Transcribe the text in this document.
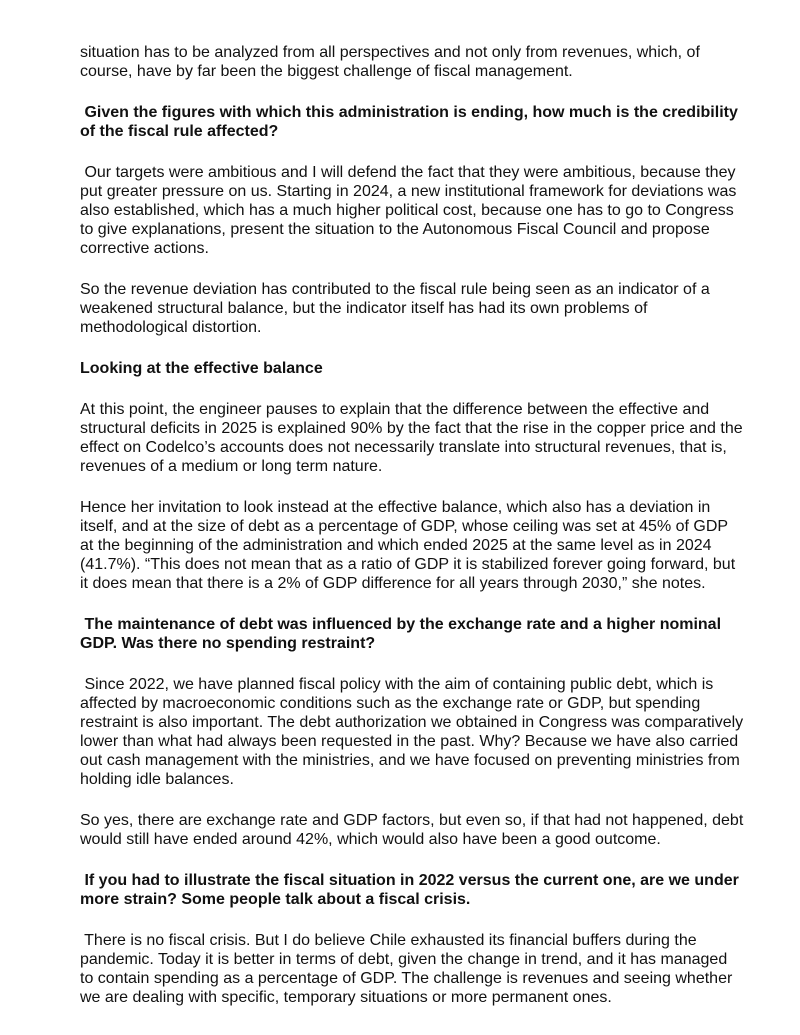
situation has to be analyzed from all perspectives and not only from revenues, which, of
course, have by far been the biggest challenge of fiscal management.

Given the figures with which this administration is ending, how much is the credibility
of the fiscal rule affected?

Our targets were ambitious and I will defend the fact that they were ambitious, because they
put greater pressure on us. Starting in 2024, a new institutional framework for deviations was
also established, which has a much higher political cost, because one has to go to Congress
to give explanations, present the situation to the Autonomous Fiscal Council and propose
corrective actions.

So the revenue deviation has contributed to the fiscal rule being seen as an indicator of a
weakened structural balance, but the indicator itself has had its own problems of
methodological distortion.

Looking at the effective balance

At this point, the engineer pauses to explain that the difference between the effective and
structural deficits in 2025 is explained 90% by the fact that the rise in the copper price and the
effect on Codelco’s accounts does not necessarily translate into structural revenues, that is,
revenues of a medium or long term nature.

Hence her invitation to look instead at the effective balance, which also has a deviation in
itself, and at the size of debt as a percentage of GDP, whose ceiling was set at 45% of GDP
at the beginning of the administration and which ended 2025 at the same level as in 2024
(41.7%). “This does not mean that as a ratio of GDP it is stabilized forever going forward, but
it does mean that there is a 2% of GDP difference for all years through 2030,” she notes.

The maintenance of debt was influenced by the exchange rate and a higher nominal
GDP. Was there no spending restraint?

Since 2022, we have planned fiscal policy with the aim of containing public debt, which is
affected by macroeconomic conditions such as the exchange rate or GDP, but spending
restraint is also important. The debt authorization we obtained in Congress was comparatively
lower than what had always been requested in the past. Why? Because we have also carried
out cash management with the ministries, and we have focused on preventing ministries from
holding idle balances.

So yes, there are exchange rate and GDP factors, but even so, if that had not happened, debt
would still have ended around 42%, which would also have been a good outcome.

If you had to illustrate the fiscal situation in 2022 versus the current one, are we under
more strain? Some people talk about a fiscal crisis.

There is no fiscal crisis. But I do believe Chile exhausted its financial buffers during the
pandemic. Today it is better in terms of debt, given the change in trend, and it has managed
to contain spending as a percentage of GDP. The challenge is revenues and seeing whether
we are dealing with specific, temporary situations or more permanent ones.
